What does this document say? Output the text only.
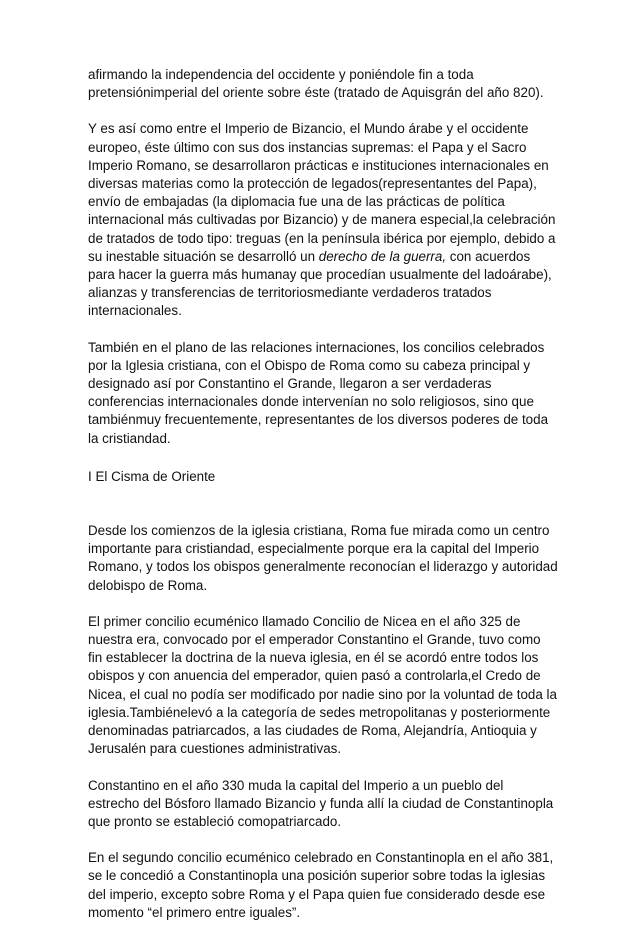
afirmando la independencia del occidente y poniéndole fin a toda pretensiónimperial del oriente sobre éste (tratado de Aquisgrán del año 820).

Y es así como entre el Imperio de Bizancio, el Mundo árabe y el occidente europeo, éste último con sus dos instancias supremas: el Papa y el Sacro Imperio Romano, se desarrollaron prácticas e instituciones internacionales en diversas materias como la protección de legados(representantes del Papa), envío de embajadas (la diplomacia fue una de las prácticas de política internacional más cultivadas por Bizancio) y de manera especial,la celebración de tratados de todo tipo: treguas (en la península ibérica por ejemplo, debido a su inestable situación se desarrolló un derecho de la guerra, con acuerdos para hacer la guerra más humanay que procedían usualmente del ladoárabe), alianzas y transferencias de territoriosmediante verdaderos tratados internacionales.

También en el plano de las relaciones internaciones, los concilios celebrados por la Iglesia cristiana, con el Obispo de Roma como su cabeza principal y designado así por Constantino el Grande, llegaron a ser verdaderas conferencias internacionales donde intervenían no solo religiosos, sino que tambiénmuy frecuentemente, representantes de los diversos poderes de toda la cristiandad.

I El Cisma de Oriente

Desde los comienzos de la iglesia cristiana, Roma fue mirada como un centro importante para cristiandad, especialmente porque era la capital del Imperio Romano, y todos los obispos generalmente reconocían el liderazgo y autoridad delobispo de Roma.

El primer concilio ecuménico llamado Concilio de Nicea en el año 325 de nuestra era, convocado por el emperador Constantino el Grande, tuvo como fin establecer la doctrina de la nueva iglesia, en él se acordó entre todos los obispos y con anuencia del emperador, quien pasó a controlarla,el Credo de Nicea, el cual no podía ser modificado por nadie sino por la voluntad de toda la iglesia.Tambiénelevó a la categoría de sedes metropolitanas y posteriormente denominadas patriarcados, a las ciudades de Roma, Alejandría, Antioquia y Jerusalén para cuestiones administrativas.

Constantino en el año 330 muda la capital del Imperio a un pueblo del estrecho del Bósforo llamado Bizancio y funda allí la ciudad de Constantinopla que pronto se estableció comopatriarcado.

En el segundo concilio ecuménico celebrado en Constantinopla en el año 381, se le concedió a Constantinopla una posición superior sobre todas la iglesias del imperio, excepto sobre Roma y el Papa quien fue considerado desde ese momento “el primero entre iguales”.
